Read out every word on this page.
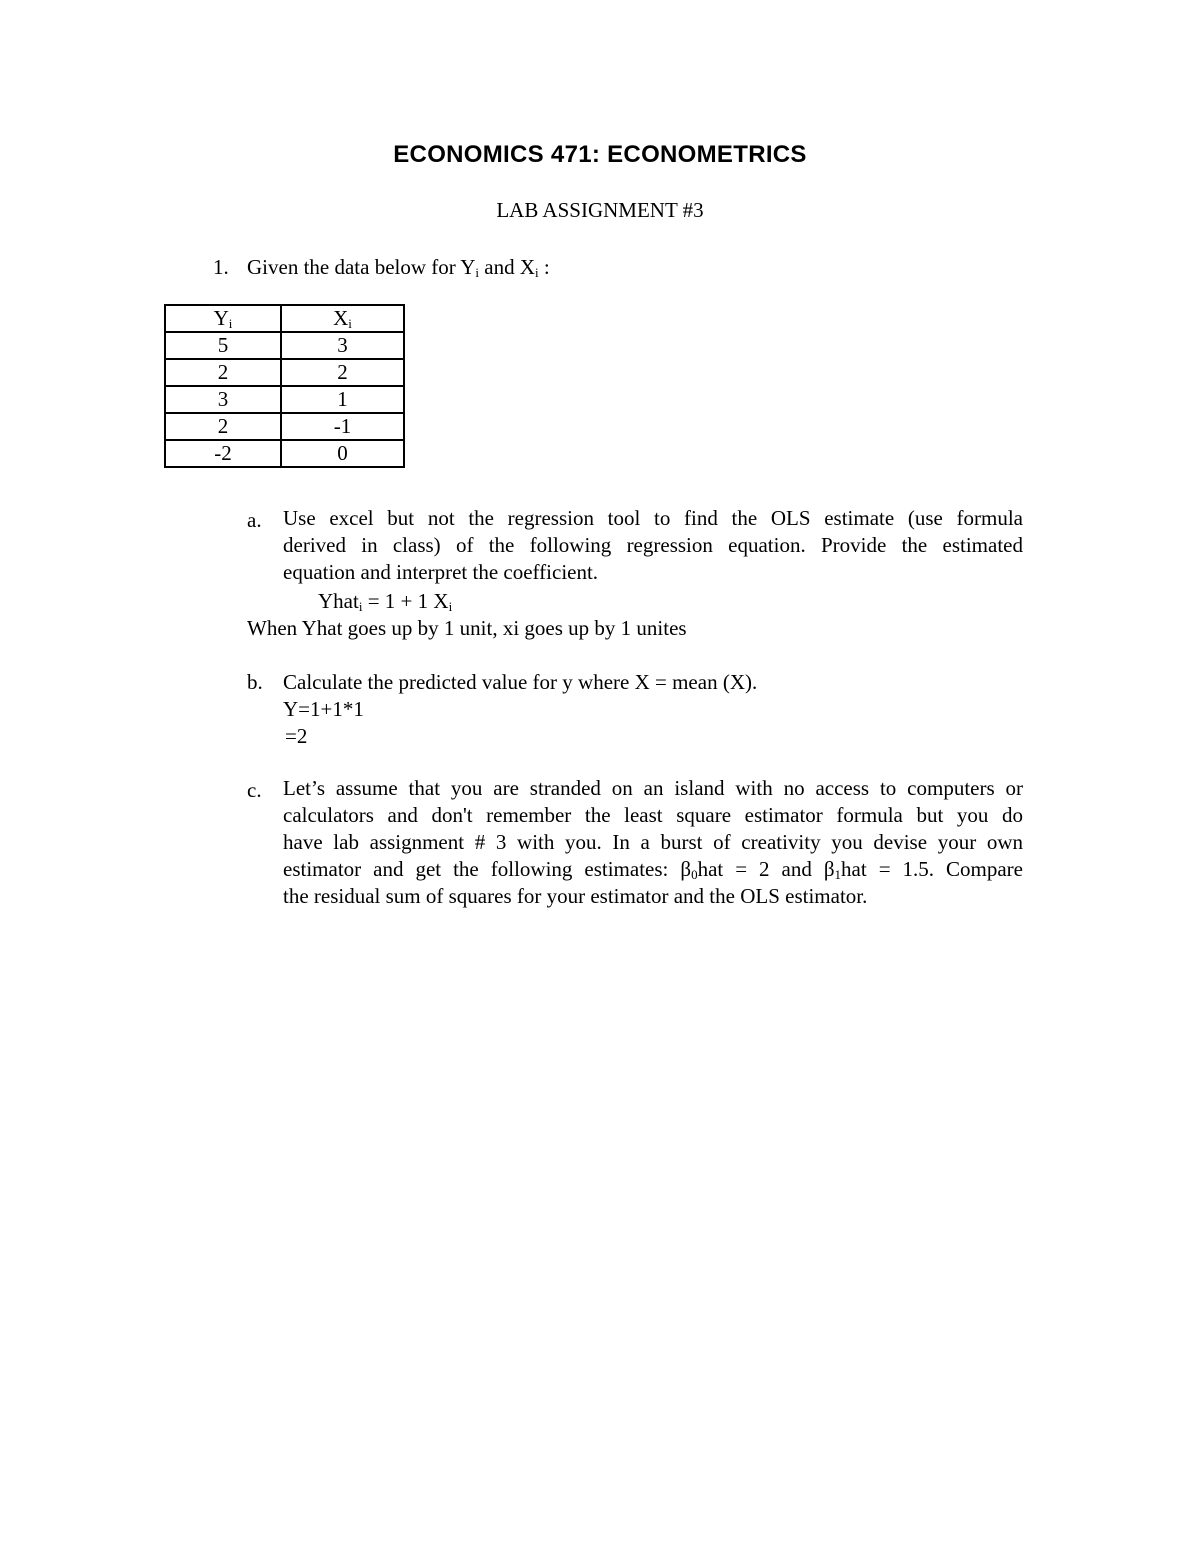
ECONOMICS 471: ECONOMETRICS
LAB ASSIGNMENT #3
1. Given the data below for $Y_i$ and $X_i$ :
$Y_i$	$X_i$
5	3
2	2
3	1
2	-1
-2	0
a. Use excel but not the regression tool to find the OLS estimate (use formula
derived in class) of the following regression equation. Provide the estimated
equation and interpret the coefficient.
Yhat$_i$ = 1 + 1 $X_i$
When Yhat goes up by 1 unit, xi goes up by 1 unites
b. Calculate the predicted value for y where X = mean (X).
Y=1+1*1
=2
c. Let’s assume that you are stranded on an island with no access to computers or
calculators and don't remember the least square estimator formula but you do
have lab assignment # 3 with you. In a burst of creativity you devise your own
estimator and get the following estimates: $\beta_0hat = 2$ and $\beta_1hat = 1.5$. Compare
the residual sum of squares for your estimator and the OLS estimator.
